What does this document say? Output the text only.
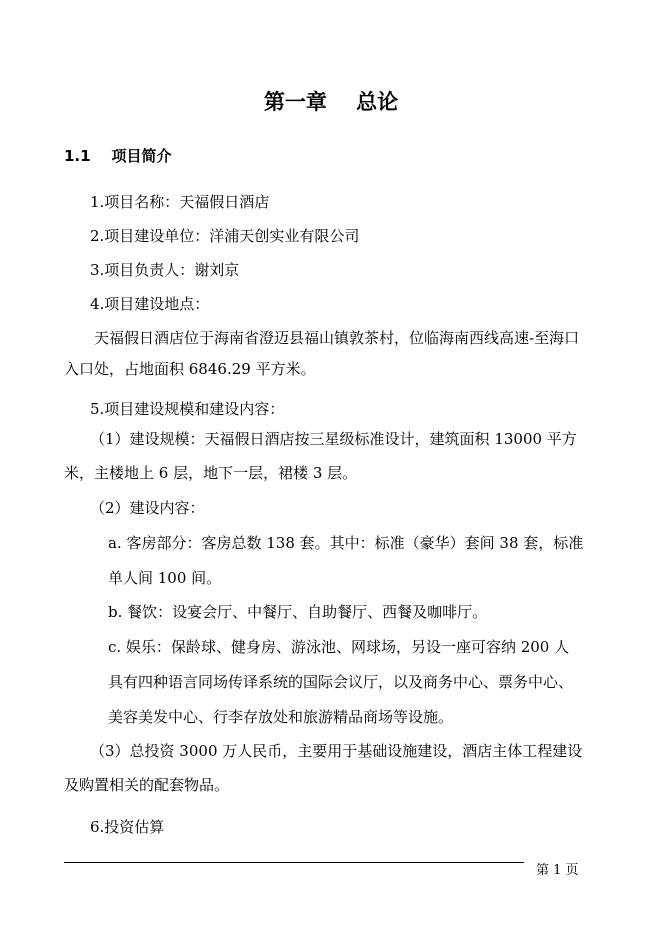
第一章    总论
1.1    项目简介
1.项目名称：天福假日酒店
2.项目建设单位：洋浦天创实业有限公司
3.项目负责人：谢刘京
4.项目建设地点：
天福假日酒店位于海南省澄迈县福山镇敦茶村，位临海南西线高速-至海口
入口处，占地面积 6846.29 平方米。
5.项目建设规模和建设内容：
（1）建设规模：天福假日酒店按三星级标准设计，建筑面积 13000 平方
米，主楼地上 6 层，地下一层，裙楼 3 层。
（2）建设内容：
a. 客房部分：客房总数 138 套。其中：标准（豪华）套间 38 套，标准
单人间 100 间。
b. 餐饮：设宴会厅、中餐厅、自助餐厅、西餐及咖啡厅。
c. 娱乐：保龄球、健身房、游泳池、网球场，另设一座可容纳 200 人
具有四种语言同场传译系统的国际会议厅，以及商务中心、票务中心、
美容美发中心、行李存放处和旅游精品商场等设施。
（3）总投资 3000 万人民币，主要用于基础设施建设，酒店主体工程建设
及购置相关的配套物品。
6.投资估算
第 1 页
